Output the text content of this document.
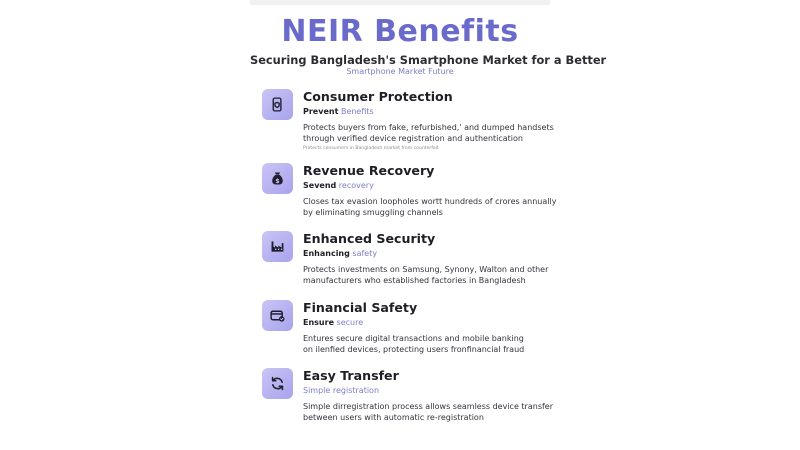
NEIR Benefits
Securing Bangladesh's Smartphone Market for a Better
Smartphone Market Future
Consumer Protection
Prevent Benefits
Protects buyers from fake, refurbished,' and dumped handsets
through verified device registration and authentication
Protects consumers in Bangladesh market from counterfeit
$
Revenue Recovery
Sevend recovery
Closes tax evasion loopholes wortt hundreds of crores annually
by eliminating smuggling channels
Enhanced Security
Enhancing safety
Protects investments on Samsung, Synony, Walton and other
manufacturers who established factories in Bangladesh
Financial Safety
Ensure secure
Entures secure digital transactions and mobile banking
on ilenfied devices, protecting users fronfinancial fraud
Easy Transfer
Simple registration
Simple dirregistration process allows seamless device transfer
between users with automatic re-registration
